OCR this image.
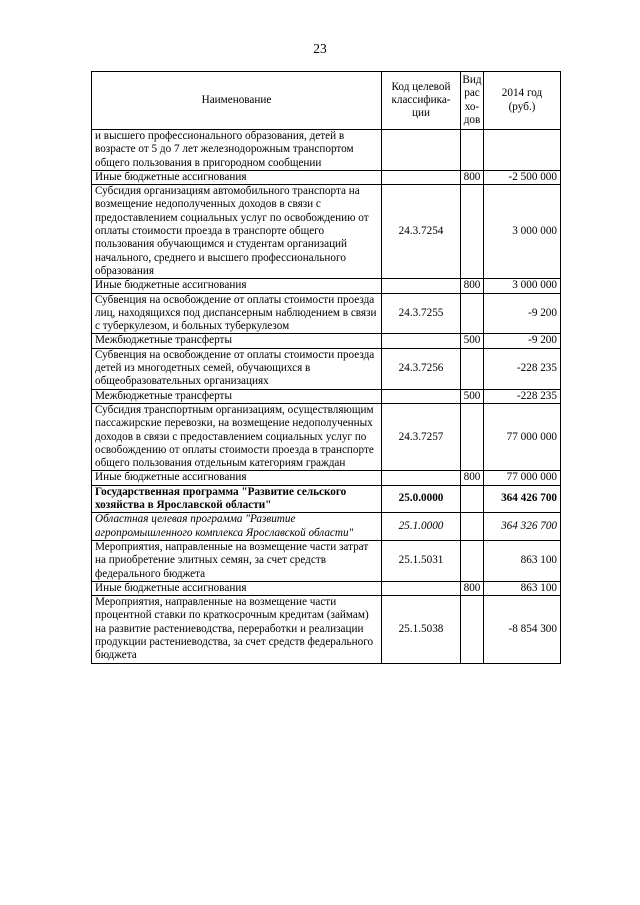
23
Наименование	Код целевой классифика-ции	Вид рас хо-дов	2014 год (руб.)
и высшего профессионального образования, детей в возрасте от 5 до 7 лет железнодорожным транспортом общего пользования в пригородном сообщении			
Иные бюджетные ассигнования		800	-2 500 000
Субсидия организациям автомобильного транспорта на возмещение недополученных доходов в связи с предоставлением социальных услуг по освобождению от оплаты стоимости проезда в транспорте общего пользования обучающимся и студентам организаций начального, среднего и высшего профессионального образования	24.3.7254		3 000 000
Иные бюджетные ассигнования		800	3 000 000
Субвенция на освобождение от оплаты стоимости проезда лиц, находящихся под диспансерным наблюдением в связи с туберкулезом, и больных туберкулезом	24.3.7255		-9 200
Межбюджетные трансферты		500	-9 200
Субвенция на освобождение от оплаты стоимости проезда детей из многодетных семей, обучающихся в общеобразовательных организациях	24.3.7256		-228 235
Межбюджетные трансферты		500	-228 235
Субсидия транспортным организациям, осуществляющим пассажирские перевозки, на возмещение недополученных доходов в связи с предоставлением социальных услуг по освобождению от оплаты стоимости проезда в транспорте общего пользования отдельным категориям граждан	24.3.7257		77 000 000
Иные бюджетные ассигнования		800	77 000 000
Государственная программа "Развитие сельского хозяйства в Ярославской области"	25.0.0000		364 426 700
Областная целевая программа "Развитие агропромышленного комплекса Ярославской области"	25.1.0000		364 326 700
Мероприятия, направленные на возмещение части затрат на приобретение элитных семян, за счет средств федерального бюджета	25.1.5031		863 100
Иные бюджетные ассигнования		800	863 100
Мероприятия, направленные на возмещение части процентной ставки по краткосрочным кредитам (займам) на развитие растениеводства, переработки и реализации продукции растениеводства, за счет средств федерального бюджета	25.1.5038		-8 854 300
